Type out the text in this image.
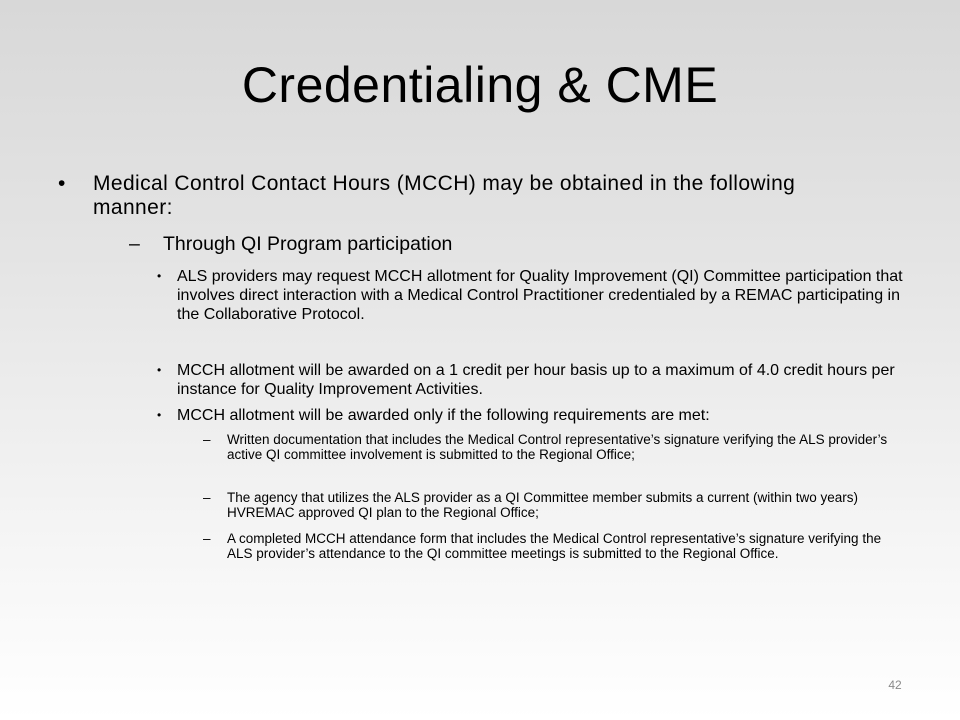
Credentialing & CME
•	Medical Control Contact Hours (MCCH) may be obtained in the following manner:
–	Through QI Program participation
• ALS providers may request MCCH allotment for Quality Improvement (QI) Committee participation that involves direct interaction with a Medical Control Practitioner credentialed by a REMAC participating in the Collaborative Protocol.
• MCCH allotment will be awarded on a 1 credit per hour basis up to a maximum of 4.0 credit hours per instance for Quality Improvement Activities.
• MCCH allotment will be awarded only if the following requirements are met:
–	Written documentation that includes the Medical Control representative’s signature verifying the ALS provider’s active QI committee involvement is submitted to the Regional Office;
–	The agency that utilizes the ALS provider as a QI Committee member submits a current (within two years) HVREMAC approved QI plan to the Regional Office;
–	A completed MCCH attendance form that includes the Medical Control representative’s signature verifying the ALS provider’s attendance to the QI committee meetings is submitted to the Regional Office.
42
